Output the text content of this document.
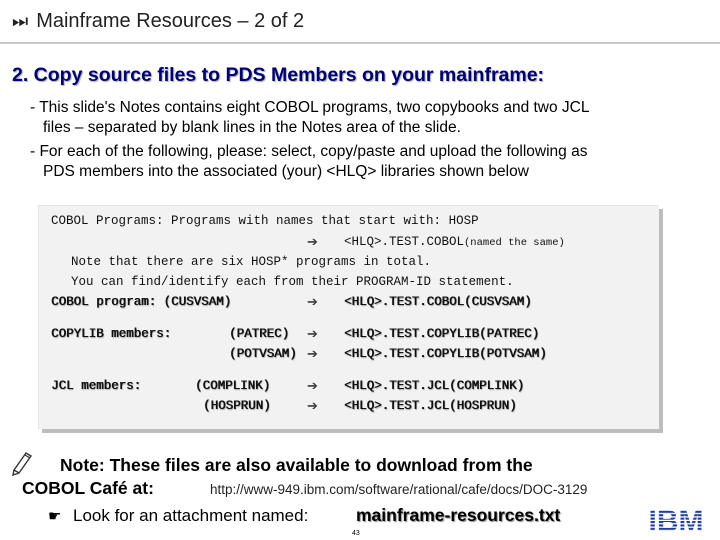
⏭ Mainframe Resources – 2 of 2
2. Copy source files to PDS Members on your mainframe:
- This slide's Notes contains eight COBOL programs, two copybooks and two JCL
files – separated by blank lines in the Notes area of the slide.
- For each of the following, please: select, copy/paste and upload the following as
PDS members into the associated (your) <HLQ> libraries shown below
COBOL Programs: Programs with names that start with: HOSP
➔ <HLQ>.TEST.COBOL (named the same)
Note that there are six HOSP* programs in total.
You can find/identify each from their PROGRAM-ID statement.
COBOL program: (CUSVSAM)	➔ <HLQ>.TEST.COBOL(CUSVSAM)
COPYLIB members:	(PATREC) ➔ <HLQ>.TEST.COPYLIB(PATREC)
(POTVSAM) ➔ <HLQ>.TEST.COPYLIB(POTVSAM)
JCL members:	(COMPLINK)	➔ <HLQ>.TEST.JCL(COMPLINK)
(HOSPRUN)	➔ <HLQ>.TEST.JCL(HOSPRUN)
Note: These files are also available to download from the
COBOL Café at:	http://www-949.ibm.com/software/rational/cafe/docs/DOC-3129
☛ Look for an attachment named:	mainframe-resources.txt
43	IBM
